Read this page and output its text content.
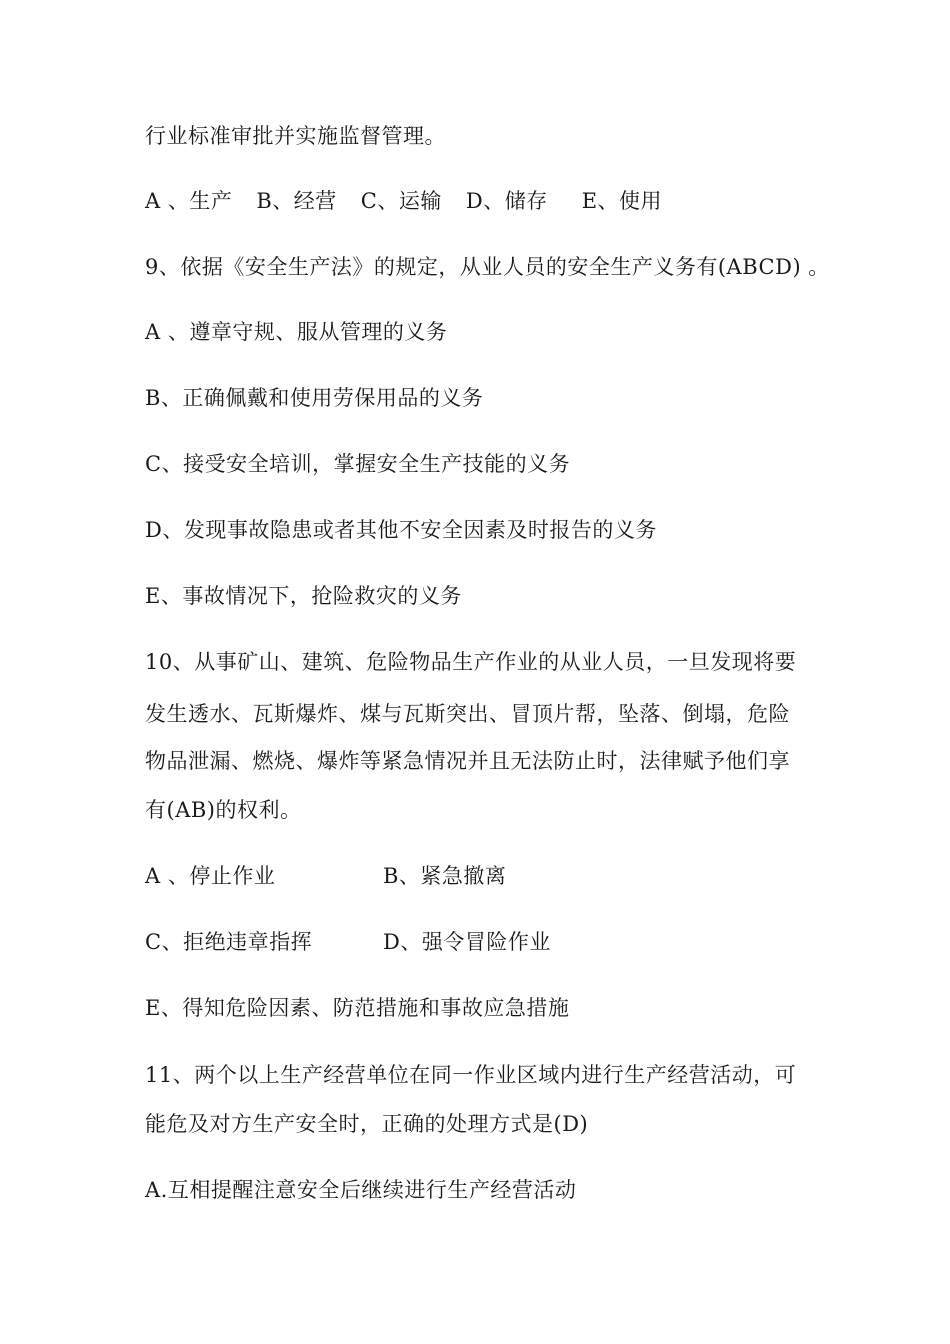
行业标准审批并实施监督管理。
A 、生产 B、经营 C、运输 D、储存 E、使用
9、依据《安全生产法》的规定，从业人员的安全生产义务有(ABCD) 。
A 、遵章守规、服从管理的义务
B、正确佩戴和使用劳保用品的义务
C、接受安全培训，掌握安全生产技能的义务
D、发现事故隐患或者其他不安全因素及时报告的义务
E、事故情况下，抢险救灾的义务
10、从事矿山、建筑、危险物品生产作业的从业人员，一旦发现将要
发生透水、瓦斯爆炸、煤与瓦斯突出、冒顶片帮，坠落、倒塌，危险
物品泄漏、燃烧、爆炸等紧急情况并且无法防止时，法律赋予他们享
有(AB)的权利。
A 、停止作业	B、紧急撤离
C、拒绝违章指挥	D、强令冒险作业
E、得知危险因素、防范措施和事故应急措施
11、两个以上生产经营单位在同一作业区域内进行生产经营活动，可
能危及对方生产安全时，正确的处理方式是(D)
A.互相提醒注意安全后继续进行生产经营活动
